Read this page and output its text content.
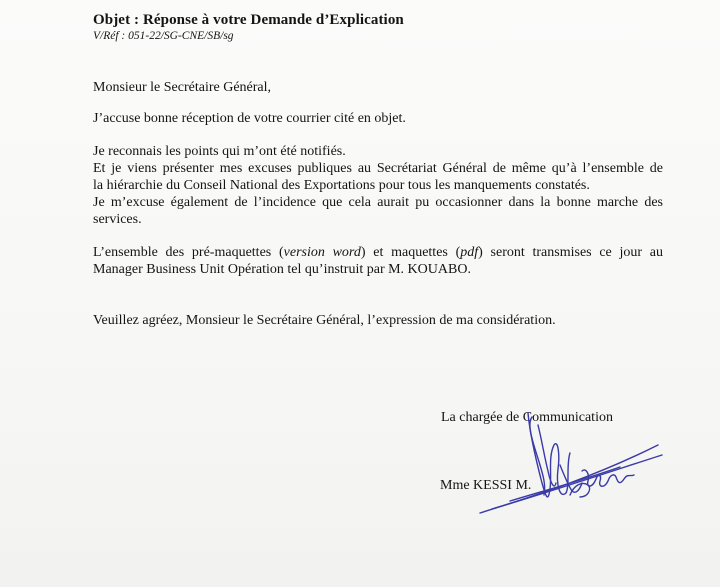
Objet : Réponse à votre Demande d’Explication
V/Réf : 051-22/SG-CNE/SB/sg
Monsieur le Secrétaire Général,
J’accuse bonne réception de votre courrier cité en objet.
Je reconnais les points qui m’ont été notifiés.
Et je viens présenter mes excuses publiques au Secrétariat Général de même qu’à l’ensemble de
la hiérarchie du Conseil National des Exportations pour tous les manquements constatés.
Je m’excuse également de l’incidence que cela aurait pu occasionner dans la bonne marche des
services.
L’ensemble des pré-maquettes (version word) et maquettes (pdf) seront transmises ce jour au
Manager Business Unit Opération tel qu’instruit par M. KOUABO.
Veuillez agréez, Monsieur le Secrétaire Général, l’expression de ma considération.
La chargée de Communication
Mme KESSI M.
